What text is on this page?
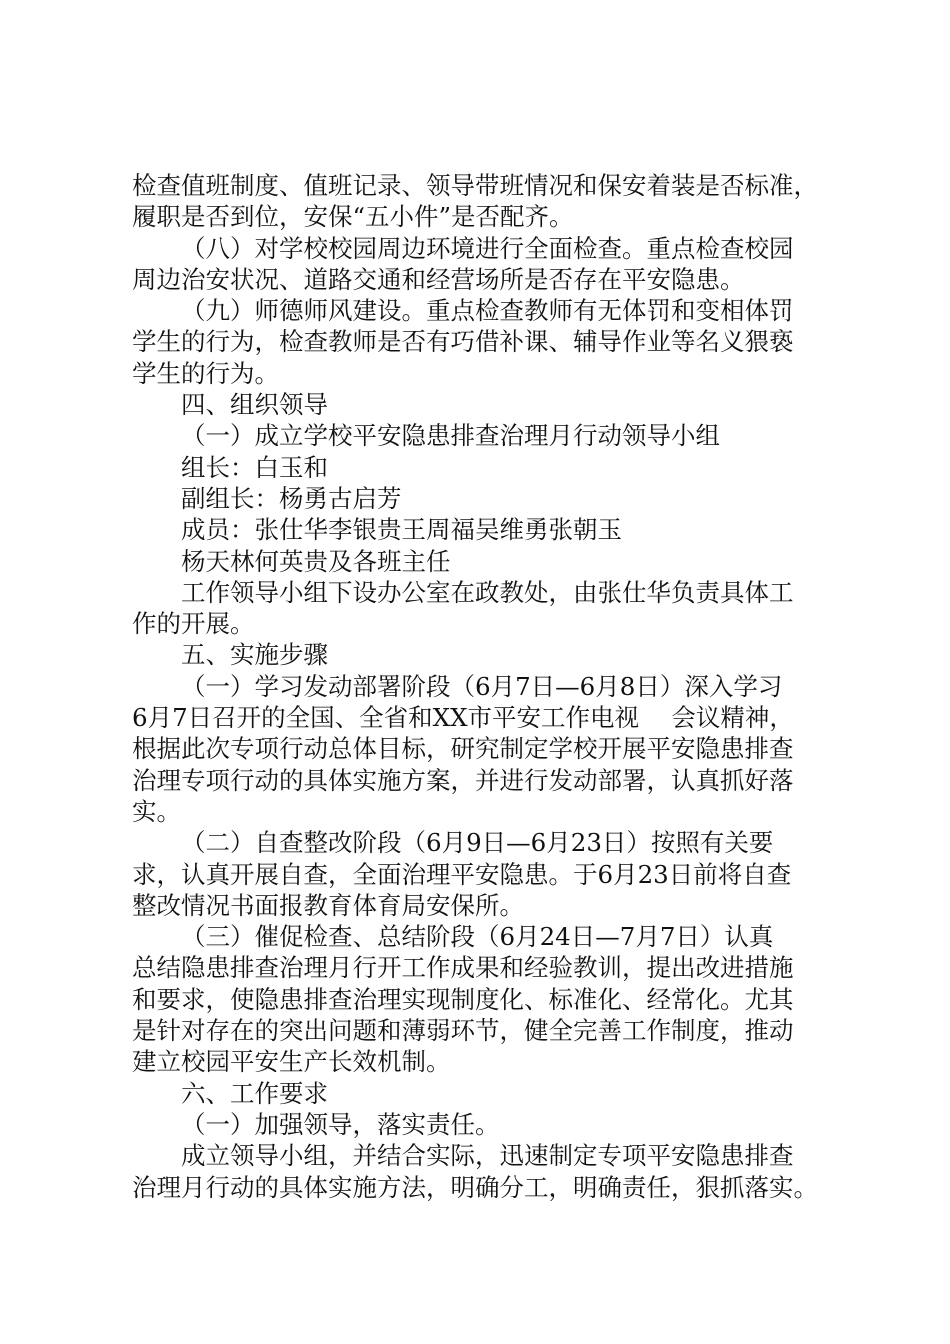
检查值班制度、值班记录、领导带班情况和保安着装是否标准，
履职是否到位，安保“五小件”是否配齐。
（八）对学校校园周边环境进行全面检查。重点检查校园
周边治安状况、道路交通和经营场所是否存在平安隐患。
（九）师德师风建设。重点检查教师有无体罚和变相体罚
学生的行为，检查教师是否有巧借补课、辅导作业等名义猥亵
学生的行为。
四、组织领导
（一）成立学校平安隐患排查治理月行动领导小组
组长：白玉和
副组长：杨勇古启芳
成员：张仕华李银贵王周福吴维勇张朝玉
杨天林何英贵及各班主任
工作领导小组下设办公室在政教处，由张仕华负责具体工
作的开展。
五、实施步骤
（一）学习发动部署阶段（6月7日—6月8日）深入学习
6月7日召开的全国、全省和XX市平安工作电视　 会议精神，
根据此次专项行动总体目标，研究制定学校开展平安隐患排查
治理专项行动的具体实施方案，并进行发动部署，认真抓好落
实。
（二）自查整改阶段（6月9日—6月23日）按照有关要
求，认真开展自查，全面治理平安隐患。于6月23日前将自查
整改情况书面报教育体育局安保所。
（三）催促检查、总结阶段（6月24日—7月7日）认真
总结隐患排查治理月行开工作成果和经验教训，提出改进措施
和要求，使隐患排查治理实现制度化、标准化、经常化。尤其
是针对存在的突出问题和薄弱环节，健全完善工作制度，推动
建立校园平安生产长效机制。
六、工作要求
（一）加强领导，落实责任。
成立领导小组，并结合实际，迅速制定专项平安隐患排查
治理月行动的具体实施方法，明确分工，明确责任，狠抓落实。
